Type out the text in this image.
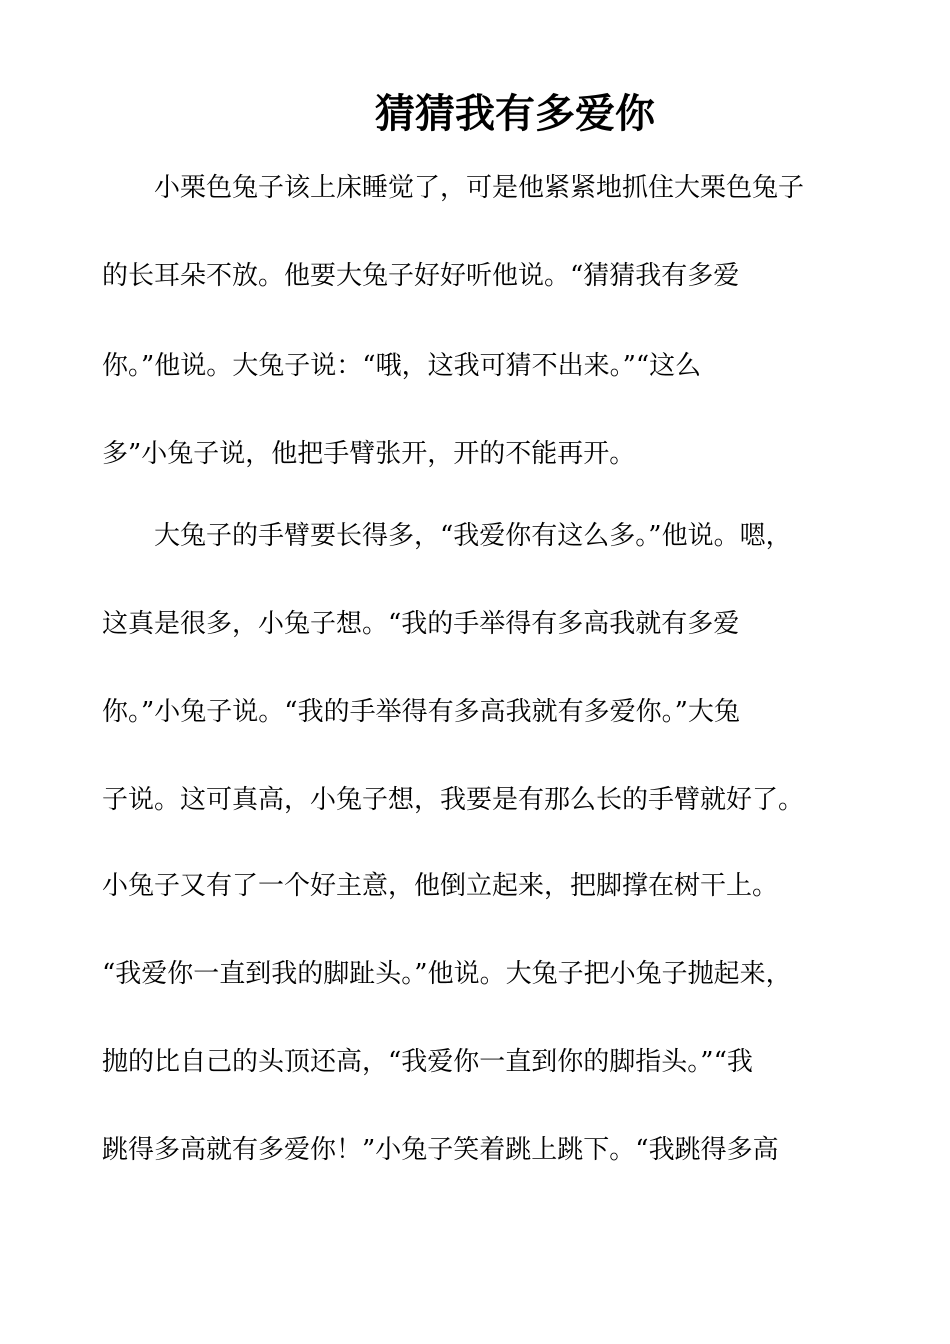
猜猜我有多爱你
小栗色兔子该上床睡觉了，可是他紧紧地抓住大栗色兔子
的长耳朵不放。他要大兔子好好听他说。“猜猜我有多爱
你。”他说。大兔子说：“哦，这我可猜不出来。”“这么
多”小兔子说，他把手臂张开，开的不能再开。
大兔子的手臂要长得多，“我爱你有这么多。”他说。嗯，
这真是很多，小兔子想。“我的手举得有多高我就有多爱
你。”小兔子说。“我的手举得有多高我就有多爱你。”大兔
子说。这可真高，小兔子想，我要是有那么长的手臂就好了。
小兔子又有了一个好主意，他倒立起来，把脚撑在树干上。
“我爱你一直到我的脚趾头。”他说。大兔子把小兔子抛起来，
抛的比自己的头顶还高，“我爱你一直到你的脚指头。”“我
跳得多高就有多爱你！”小兔子笑着跳上跳下。“我跳得多高
